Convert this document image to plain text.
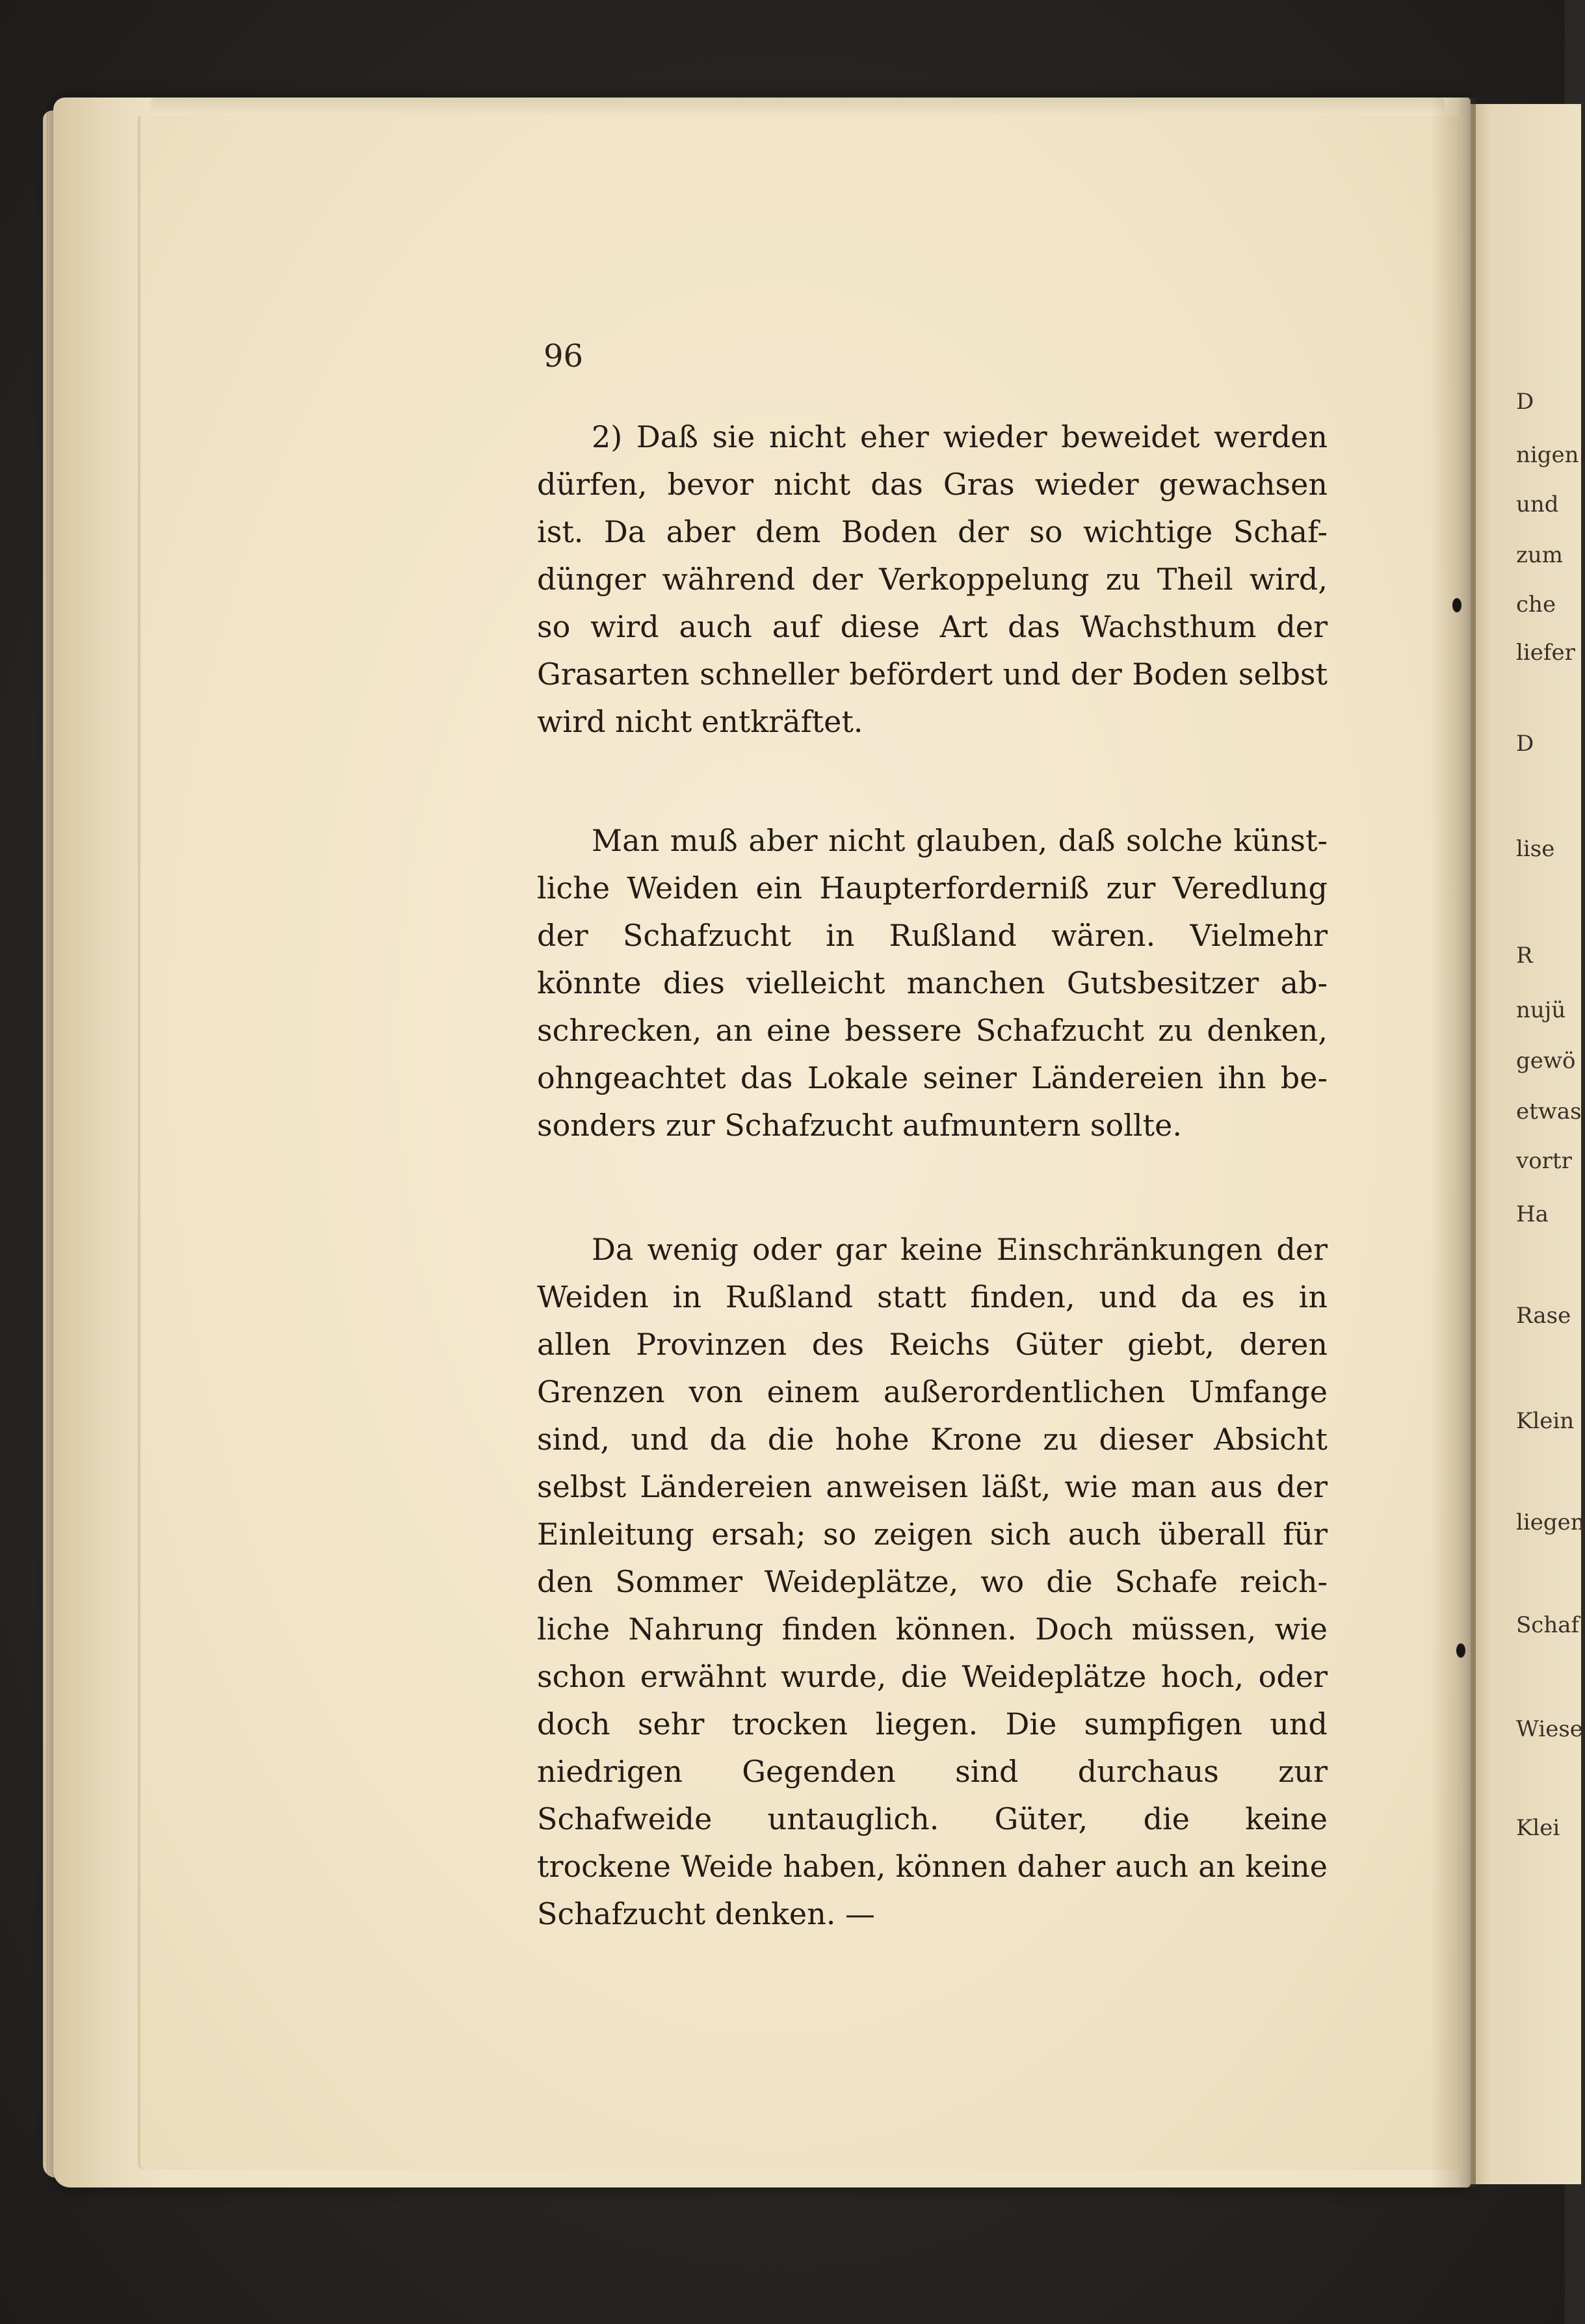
96
2) Daß sie nicht eher wieder beweidet werden
dürfen, bevor nicht das Gras wieder gewachsen
ist. Da aber dem Boden der so wichtige Schaf-
dünger während der Verkoppelung zu Theil wird,
so wird auch auf diese Art das Wachsthum der
Grasarten schneller befördert und der Boden selbst
wird nicht entkräftet.
Man muß aber nicht glauben, daß solche künst-
liche Weiden ein Haupterforderniß zur Veredlung
der Schafzucht in Rußland wären. Vielmehr
könnte dies vielleicht manchen Gutsbesitzer ab-
schrecken, an eine bessere Schafzucht zu denken,
ohngeachtet das Lokale seiner Ländereien ihn be-
sonders zur Schafzucht aufmuntern sollte.
Da wenig oder gar keine Einschränkungen der
Weiden in Rußland statt finden, und da es in
allen Provinzen des Reichs Güter giebt, deren
Grenzen von einem außerordentlichen Umfange
sind, und da die hohe Krone zu dieser Absicht
selbst Ländereien anweisen läßt, wie man aus der
Einleitung ersah; so zeigen sich auch überall für
den Sommer Weideplätze, wo die Schafe reich-
liche Nahrung finden können. Doch müssen, wie
schon erwähnt wurde, die Weideplätze hoch, oder
doch sehr trocken liegen. Die sumpfigen und
niedrigen Gegenden sind durchaus zur
Schafweide untauglich. Güter, die keine
trockene Weide haben, können daher auch an keine
Schafzucht denken. —
D
nigen
und
zum
che
liefer
D
lise
R
nujü
gewö
etwas
vortr
Ha
Rase
Klein
liegen
Schaf
Wiese
Klei
